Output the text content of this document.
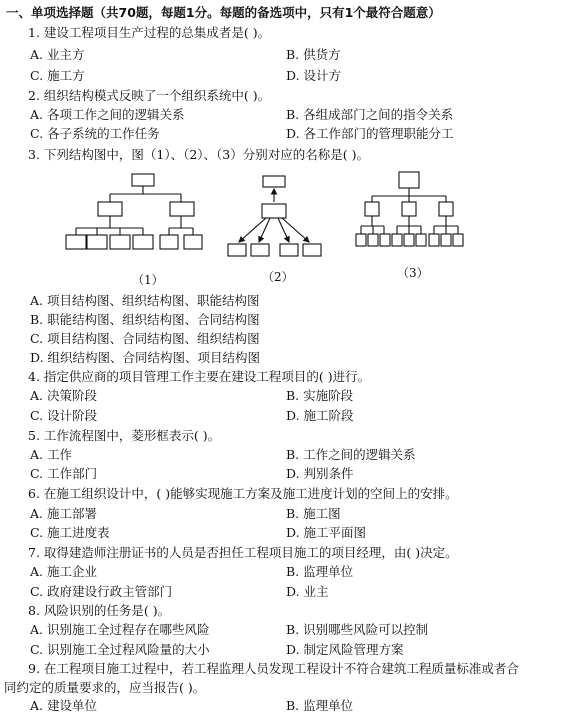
一、单项选择题（共70题，每题1分。每题的备选项中，只有1个最符合题意）
1. 建设工程项目生产过程的总集成者是( )。
A. 业主方	B. 供货方
C. 施工方	D. 设计方
2. 组织结构模式反映了一个组织系统中( )。
A. 各项工作之间的逻辑关系	B. 各组成部门之间的指令关系
C. 各子系统的工作任务	D. 各工作部门的管理职能分工
3. 下列结构图中，图（1）、（2）、（3）分别对应的名称是( )。
（1）	（2）	（3）
A. 项目结构图、组织结构图、职能结构图
B. 职能结构图、组织结构图、合同结构图
C. 项目结构图、合同结构图、组织结构图
D. 组织结构图、合同结构图、项目结构图
4. 指定供应商的项目管理工作主要在建设工程项目的( )进行。
A. 决策阶段	B. 实施阶段
C. 设计阶段	D. 施工阶段
5. 工作流程图中，菱形框表示( )。
A. 工作	B. 工作之间的逻辑关系
C. 工作部门	D. 判别条件
6. 在施工组织设计中，( )能够实现施工方案及施工进度计划的空间上的安排。
A. 施工部署	B. 施工图
C. 施工进度表	D. 施工平面图
7. 取得建造师注册证书的人员是否担任工程项目施工的项目经理，由( )决定。
A. 施工企业	B. 监理单位
C. 政府建设行政主管部门	D. 业主
8. 风险识别的任务是( )。
A. 识别施工全过程存在哪些风险	B. 识别哪些风险可以控制
C. 识别施工全过程风险量的大小	D. 制定风险管理方案
9. 在工程项目施工过程中，若工程监理人员发现工程设计不符合建筑工程质量标准或者合
同约定的质量要求的，应当报告( )。
A. 建设单位	B. 监理单位
